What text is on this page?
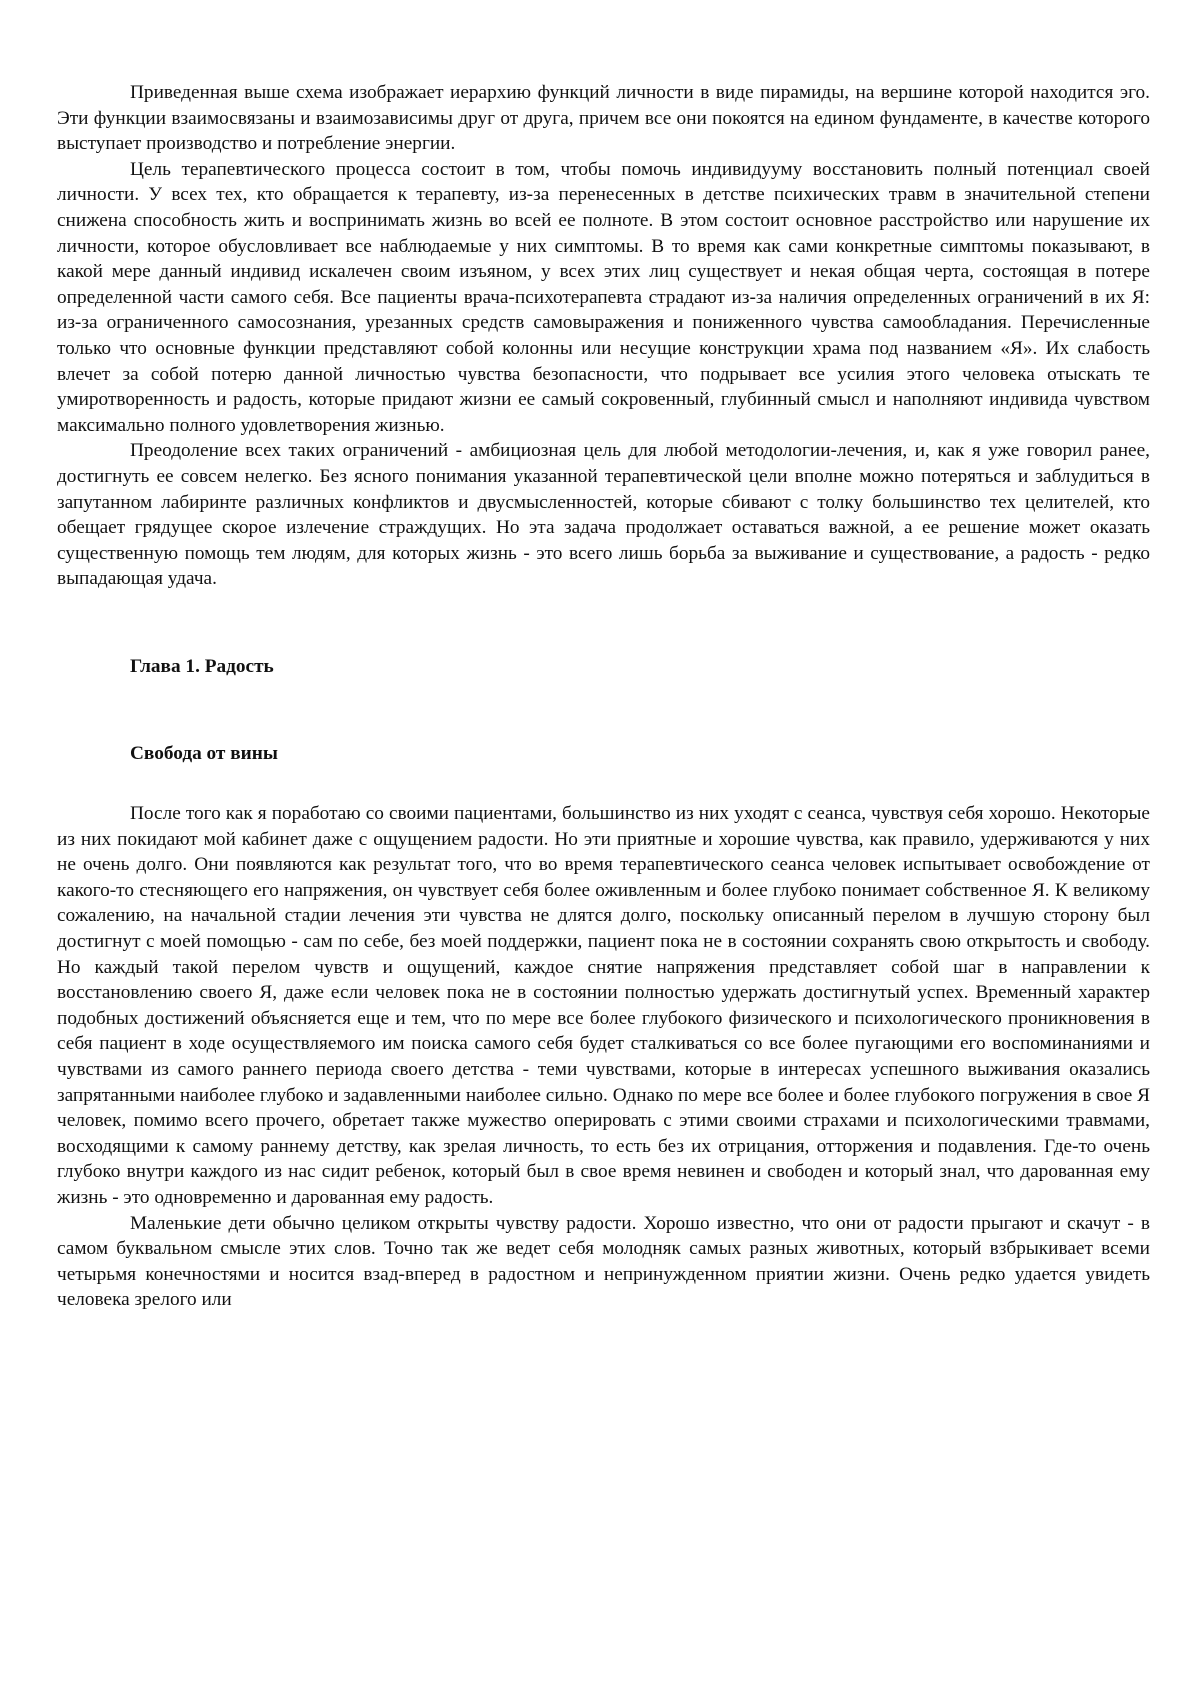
Приведенная выше схема изображает иерархию функций личности в виде пирамиды, на вершине которой находится эго. Эти функции взаимосвязаны и взаимозависимы друг от друга, причем все они покоятся на едином фундаменте, в качестве которого выступает производство и потребление энергии.

Цель терапевтического процесса состоит в том, чтобы помочь индивидууму восстановить полный потенциал своей личности. У всех тех, кто обращается к терапевту, из-за перенесенных в детстве психических травм в значительной степени снижена способность жить и воспринимать жизнь во всей ее полноте. В этом состоит основное расстройство или нарушение их личности, которое обусловливает все наблюдаемые у них симптомы. В то время как сами конкретные симптомы показывают, в какой мере данный индивид искалечен своим изъяном, у всех этих лиц существует и некая общая черта, состоящая в потере определенной части самого себя. Все пациенты врача-психотерапевта страдают из-за наличия определенных ограничений в их Я: из-за ограниченного самосознания, урезанных средств самовыражения и пониженного чувства самообладания. Перечисленные только что основные функции представляют собой колонны или несущие конструкции храма под названием «Я». Их слабость влечет за собой потерю данной личностью чувства безопасности, что подрывает все усилия этого человека отыскать те умиротворенность и радость, которые придают жизни ее самый сокровенный, глубинный смысл и наполняют индивида чувством максимально полного удовлетворения жизнью.

Преодоление всех таких ограничений - амбициозная цель для любой методологии-лечения, и, как я уже говорил ранее, достигнуть ее совсем нелегко. Без ясного понимания указанной терапевтической цели вполне можно потеряться и заблудиться в запутанном лабиринте различных конфликтов и двусмысленностей, которые сбивают с толку большинство тех целителей, кто обещает грядущее скорое излечение страждущих. Но эта задача продолжает оставаться важной, а ее решение может оказать существенную помощь тем людям, для которых жизнь - это всего лишь борьба за выживание и существование, а радость - редко выпадающая удача.

Глава 1. Радость
Свобода от вины

После того как я поработаю со своими пациентами, большинство из них уходят с сеанса, чувствуя себя хорошо. Некоторые из них покидают мой кабинет даже с ощущением радости. Но эти приятные и хорошие чувства, как правило, удерживаются у них не очень долго. Они появляются как результат того, что во время терапевтического сеанса человек испытывает освобождение от какого-то стесняющего его напряжения, он чувствует себя более оживленным и более глубоко понимает собственное Я. К великому сожалению, на начальной стадии лечения эти чувства не длятся долго, поскольку описанный перелом в лучшую сторону был достигнут с моей помощью - сам по себе, без моей поддержки, пациент пока не в состоянии сохранять свою открытость и свободу. Но каждый такой перелом чувств и ощущений, каждое снятие напряжения представляет собой шаг в направлении к восстановлению своего Я, даже если человек пока не в состоянии полностью удержать достигнутый успех. Временный характер подобных достижений объясняется еще и тем, что по мере все более глубокого физического и психологического проникновения в себя пациент в ходе осуществляемого им поиска самого себя будет сталкиваться со все более пугающими его воспоминаниями и чувствами из самого раннего периода своего детства - теми чувствами, которые в интересах успешного выживания оказались запрятанными наиболее глубоко и задавленными наиболее сильно. Однако по мере все более и более глубокого погружения в свое Я человек, помимо всего прочего, обретает также мужество оперировать с этими своими страхами и психологическими травмами, восходящими к самому раннему детству, как зрелая личность, то есть без их отрицания, отторжения и подавления. Где-то очень глубоко внутри каждого из нас сидит ребенок, который был в свое время невинен и свободен и который знал, что дарованная ему жизнь - это одновременно и дарованная ему радость.

Маленькие дети обычно целиком открыты чувству радости. Хорошо известно, что они от радости прыгают и скачут - в самом буквальном смысле этих слов. Точно так же ведет себя молодняк самых разных животных, который взбрыкивает всеми четырьмя конечностями и носится взад-вперед в радостном и непринужденном приятии жизни. Очень редко удается увидеть человека зрелого или
